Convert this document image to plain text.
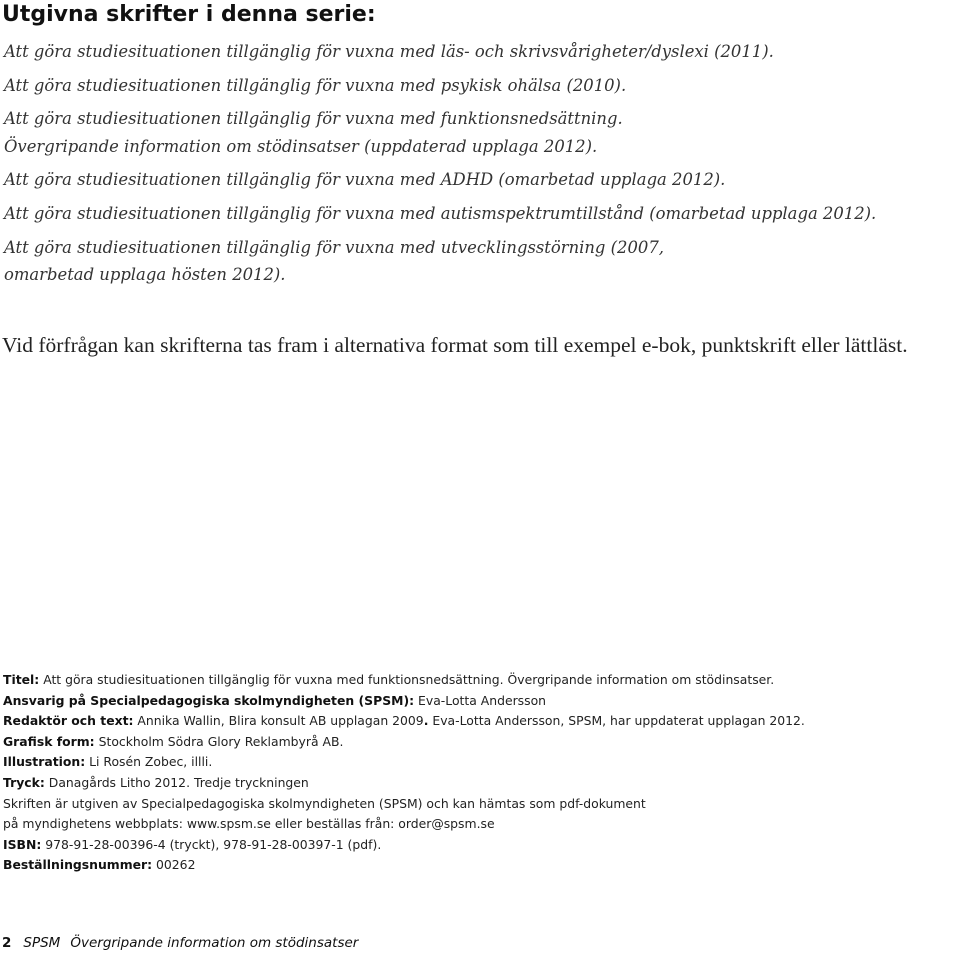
Utgivna skrifter i denna serie:
Att göra studiesituationen tillgänglig för vuxna med läs- och skrivsvårigheter/dyslexi (2011).
Att göra studiesituationen tillgänglig för vuxna med psykisk ohälsa (2010).
Att göra studiesituationen tillgänglig för vuxna med funktionsnedsättning.
Övergripande information om stödinsatser (uppdaterad upplaga 2012).
Att göra studiesituationen tillgänglig för vuxna med ADHD (omarbetad upplaga 2012).
Att göra studiesituationen tillgänglig för vuxna med autismspektrumtillstånd (omarbetad upplaga 2012).
Att göra studiesituationen tillgänglig för vuxna med utvecklingsstörning (2007,
omarbetad upplaga hösten 2012).
Vid förfrågan kan skrifterna tas fram i alternativa format som till exempel e-bok, punktskrift eller lättläst.
Titel: Att göra studiesituationen tillgänglig för vuxna med funktionsnedsättning. Övergripande information om stödinsatser.
Ansvarig på Specialpedagogiska skolmyndigheten (SPSM): Eva-Lotta Andersson
Redaktör och text: Annika Wallin, Blira konsult AB upplagan 2009. Eva-Lotta Andersson, SPSM, har uppdaterat upplagan 2012.
Grafisk form: Stockholm Södra Glory Reklambyrå AB.
Illustration: Li Rosén Zobec, illli.
Tryck: Danagårds Litho 2012. Tredje tryckningen
Skriften är utgiven av Specialpedagogiska skolmyndigheten (SPSM) och kan hämtas som pdf-dokument
på myndighetens webbplats: www.spsm.se eller beställas från: order@spsm.se
ISBN: 978-91-28-00396-4 (tryckt), 978-91-28-00397-1 (pdf).
Beställningsnummer: 00262
2 SPSM Övergripande information om stödinsatser
